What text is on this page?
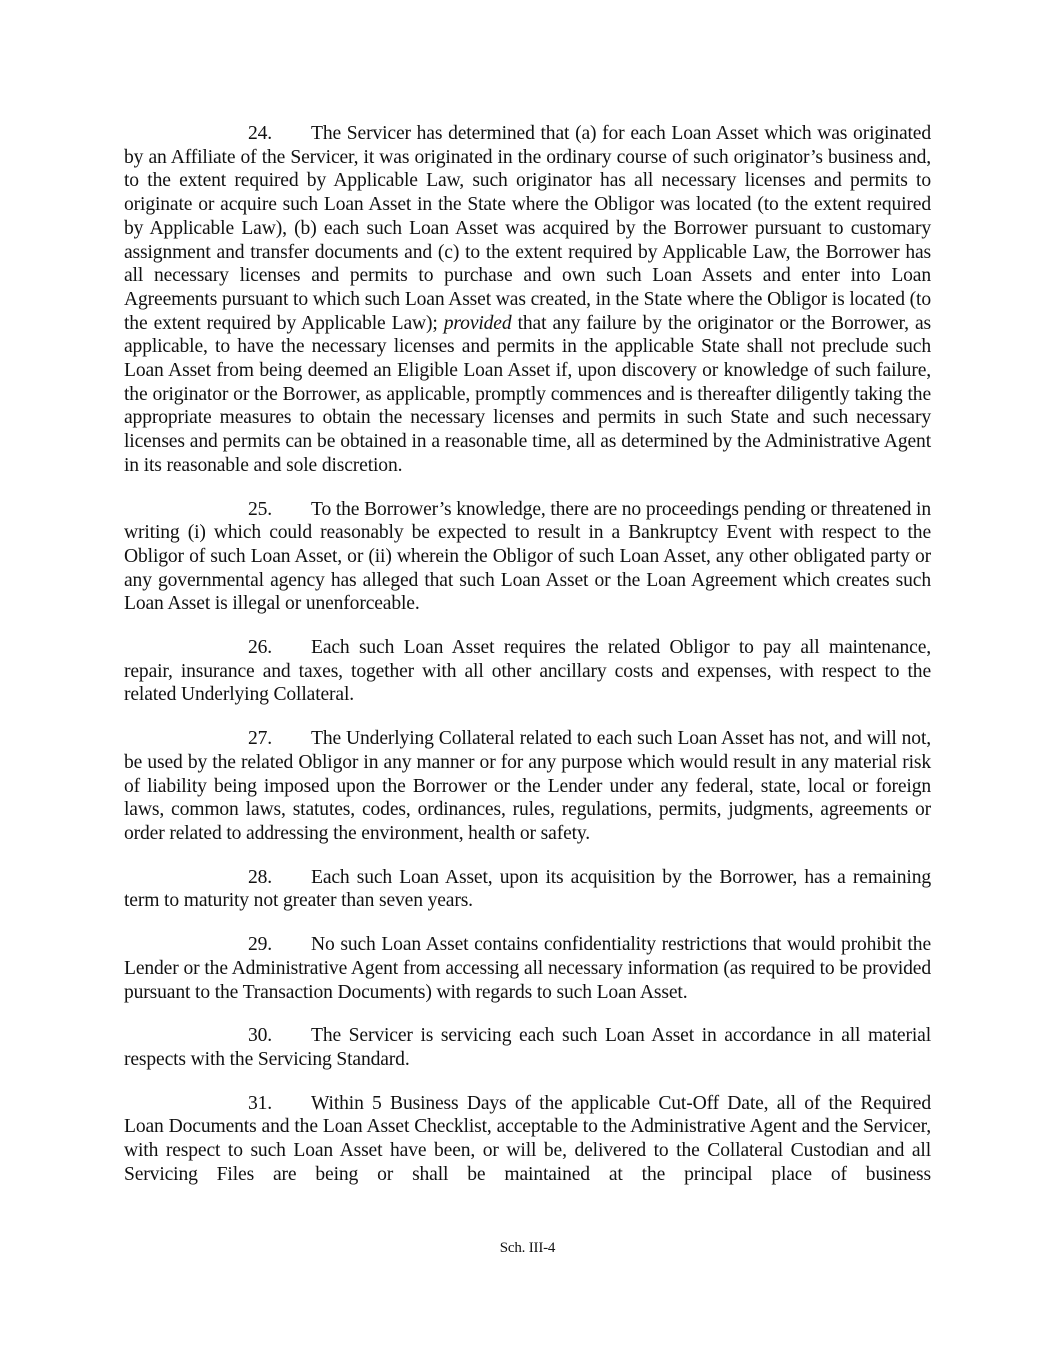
24. The Servicer has determined that (a) for each Loan Asset which was originated by an Affiliate of the Servicer, it was originated in the ordinary course of such originator’s business and, to the extent required by Applicable Law, such originator has all necessary licenses and permits to originate or acquire such Loan Asset in the State where the Obligor was located (to the extent required by Applicable Law), (b) each such Loan Asset was acquired by the Borrower pursuant to customary assignment and transfer documents and (c) to the extent required by Applicable Law, the Borrower has all necessary licenses and permits to purchase and own such Loan Assets and enter into Loan Agreements pursuant to which such Loan Asset was created, in the State where the Obligor is located (to the extent required by Applicable Law); provided that any failure by the originator or the Borrower, as applicable, to have the necessary licenses and permits in the applicable State shall not preclude such Loan Asset from being deemed an Eligible Loan Asset if, upon discovery or knowledge of such failure, the originator or the Borrower, as applicable, promptly commences and is thereafter diligently taking the appropriate measures to obtain the necessary licenses and permits in such State and such necessary licenses and permits can be obtained in a reasonable time, all as determined by the Administrative Agent in its reasonable and sole discretion.

25. To the Borrower’s knowledge, there are no proceedings pending or threatened in writing (i) which could reasonably be expected to result in a Bankruptcy Event with respect to the Obligor of such Loan Asset, or (ii) wherein the Obligor of such Loan Asset, any other obligated party or any governmental agency has alleged that such Loan Asset or the Loan Agreement which creates such Loan Asset is illegal or unenforceable.

26. Each such Loan Asset requires the related Obligor to pay all maintenance, repair, insurance and taxes, together with all other ancillary costs and expenses, with respect to the related Underlying Collateral.

27. The Underlying Collateral related to each such Loan Asset has not, and will not, be used by the related Obligor in any manner or for any purpose which would result in any material risk of liability being imposed upon the Borrower or the Lender under any federal, state, local or foreign laws, common laws, statutes, codes, ordinances, rules, regulations, permits, judgments, agreements or order related to addressing the environment, health or safety.

28. Each such Loan Asset, upon its acquisition by the Borrower, has a remaining term to maturity not greater than seven years.

29. No such Loan Asset contains confidentiality restrictions that would prohibit the Lender or the Administrative Agent from accessing all necessary information (as required to be provided pursuant to the Transaction Documents) with regards to such Loan Asset.

30. The Servicer is servicing each such Loan Asset in accordance in all material respects with the Servicing Standard.

31. Within 5 Business Days of the applicable Cut-Off Date, all of the Required Loan Documents and the Loan Asset Checklist, acceptable to the Administrative Agent and the Servicer, with respect to such Loan Asset have been, or will be, delivered to the Collateral Custodian and all Servicing Files are being or shall be maintained at the principal place of business

Sch. III-4
